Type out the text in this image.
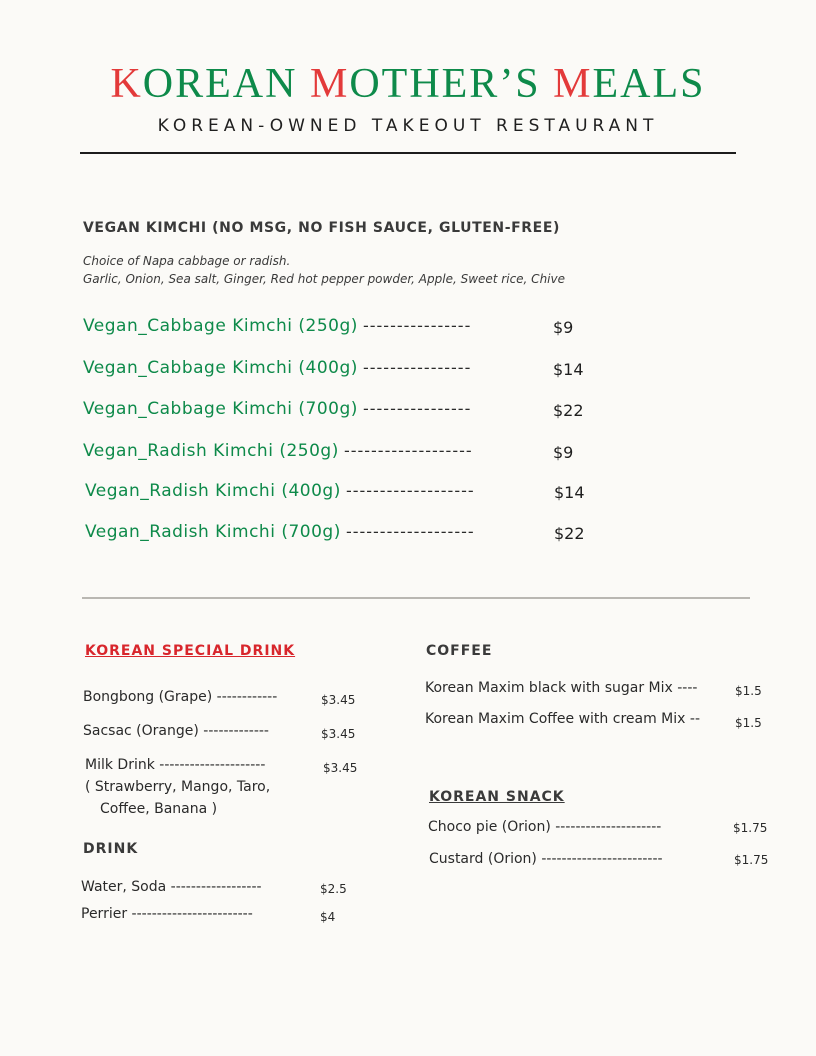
KOREAN MOTHER’S MEALS
KOREAN-OWNED TAKEOUT RESTAURANT
VEGAN KIMCHI (NO MSG, NO FISH SAUCE, GLUTEN-FREE)
Choice of Napa cabbage or radish.
Garlic, Onion, Sea salt, Ginger, Red hot pepper powder, Apple, Sweet rice, Chive
Vegan_Cabbage Kimchi (250g) ----------------	$9
Vegan_Cabbage Kimchi (400g) ----------------	$14
Vegan_Cabbage Kimchi (700g) ----------------	$22
Vegan_Radish Kimchi (250g) -------------------	$9
Vegan_Radish Kimchi (400g) -------------------	$14
Vegan_Radish Kimchi (700g) -------------------	$22
KOREAN SPECIAL DRINK
Bongbong (Grape) ------------	$3.45
Sacsac (Orange) -------------	$3.45
Milk Drink ---------------------	$3.45
( Strawberry, Mango, Taro,
Coffee, Banana )
DRINK
Water, Soda ------------------	$2.5
Perrier ------------------------	$4
COFFEE
Korean Maxim black with sugar Mix ----	$1.5
Korean Maxim Coffee with cream Mix --	$1.5
KOREAN SNACK
Choco pie (Orion) ---------------------	$1.75
Custard (Orion) ------------------------	$1.75
